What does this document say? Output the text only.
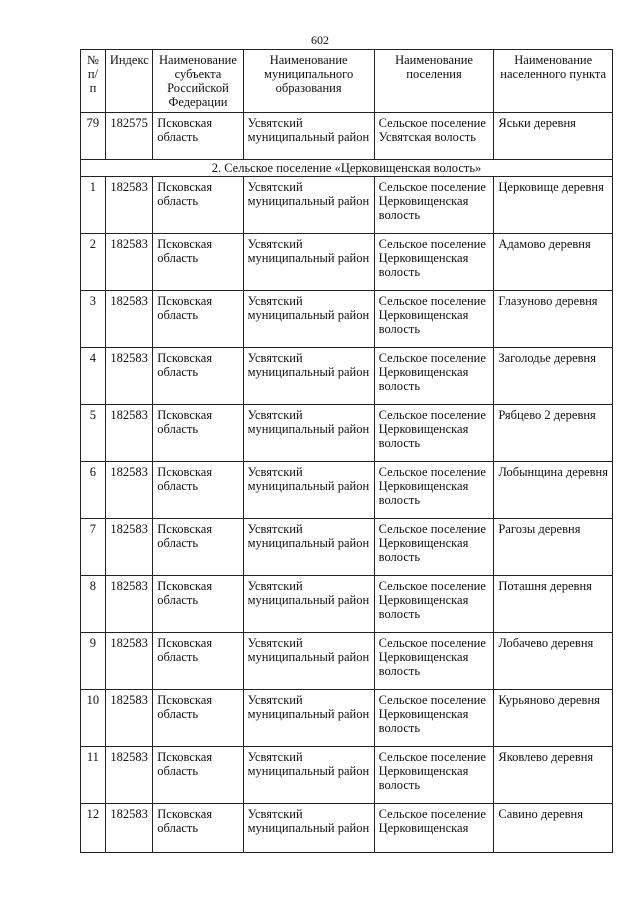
602
№ п/п	Индекс	Наименование субъекта Российской Федерации	Наименование муниципального образования	Наименование поселения	Наименование населенного пункта
79	182575	Псковская область	Усвятский муниципальный район	Сельское поселение Усвятская волость	Яськи деревня
2. Сельское поселение «Церковищенская волость»					
1	182583	Псковская область	Усвятский муниципальный район	Сельское поселение Церковищенская волость	Церковище деревня
2	182583	Псковская область	Усвятский муниципальный район	Сельское поселение Церковищенская волость	Адамово деревня
3	182583	Псковская область	Усвятский муниципальный район	Сельское поселение Церковищенская волость	Глазуново деревня
4	182583	Псковская область	Усвятский муниципальный район	Сельское поселение Церковищенская волость	Заголодье деревня
5	182583	Псковская область	Усвятский муниципальный район	Сельское поселение Церковищенская волость	Рябцево 2 деревня
6	182583	Псковская область	Усвятский муниципальный район	Сельское поселение Церковищенская волость	Лобынщина деревня
7	182583	Псковская область	Усвятский муниципальный район	Сельское поселение Церковищенская волость	Рагозы деревня
8	182583	Псковская область	Усвятский муниципальный район	Сельское поселение Церковищенская волость	Поташня деревня
9	182583	Псковская область	Усвятский муниципальный район	Сельское поселение Церковищенская волость	Лобачево деревня
10	182583	Псковская область	Усвятский муниципальный район	Сельское поселение Церковищенская волость	Курьяново деревня
11	182583	Псковская область	Усвятский муниципальный район	Сельское поселение Церковищенская волость	Яковлево деревня
12	182583	Псковская область	Усвятский муниципальный район	Сельское поселение Церковищенская	Савино деревня
